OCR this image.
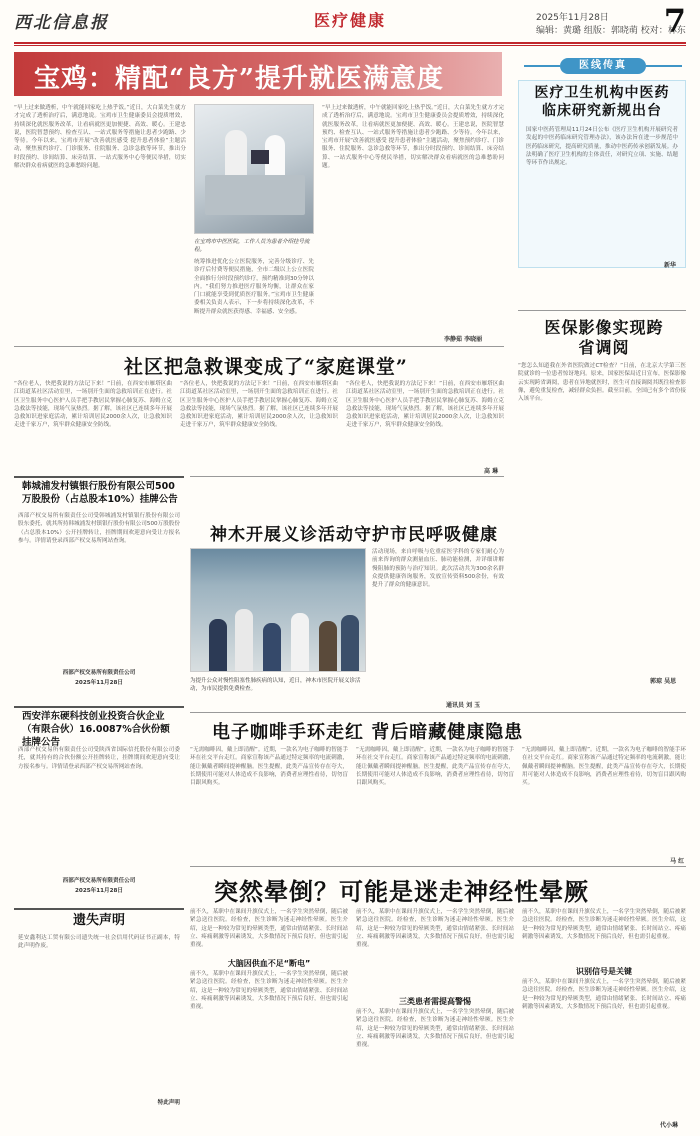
西北信息报	医疗健康	2025年11月28日
编辑：黄璐 组版：郭晓萌 校对：林东
7
宝鸡：精配“良方”提升就医满意度
“早上过来做透析，中午就能回家吃上热乎饭。”近日，大白菜先生就方才完成了透析治疗后，满意地说。宝鸡市卫生健康委员会提质增效，持续深化就医服务改革，让看病就医更加便捷、高效、暖心。王建忠说，医院智慧预约、检查互认、一站式服务等措施让患者少跑路、少等待。今年以来，宝鸡市开展“改善就医感受 提升患者体验”主题活动，聚焦预约诊疗、门诊服务、住院服务、急诊急救等环节，推出分时段预约、诊间结算、床旁结算、一站式服务中心等便民举措，切实解决群众看病就医的急难愁盼问题。
在宝鸡市中医医院，工作人员为患者介绍挂号流程。
统筹推进优化公立医院服务，完善分级诊疗、先诊疗后付费等便民措施，全市二级以上公立医院全面推行分时段预约诊疗，预约精准到30分钟以内。“我们努力推进医疗服务均衡，让群众在家门口就能享受到优质医疗服务。”宝鸡市卫生健康委相关负责人表示，下一步将持续深化改革，不断提升群众就医获得感、幸福感、安全感。
“早上过来做透析，中午就能回家吃上热乎饭。”近日，大白菜先生就方才完成了透析治疗后，满意地说。宝鸡市卫生健康委员会提质增效，持续深化就医服务改革，让看病就医更加便捷、高效、暖心。王建忠说，医院智慧预约、检查互认、一站式服务等措施让患者少跑路、少等待。今年以来，宝鸡市开展“改善就医感受 提升患者体验”主题活动，聚焦预约诊疗、门诊服务、住院服务、急诊急救等环节，推出分时段预约、诊间结算、床旁结算、一站式服务中心等便民举措，切实解决群众看病就医的急难愁盼问题。
李静茹 李晓丽
医线传真
医疗卫生机构中医药临床研究新规出台
国家中医药管理局11月24日公布《医疗卫生机构开展研究者发起的中医药临床研究管理办法》，该办法旨在进一步规范中医药临床研究，提高研究质量，推动中医药传承创新发展。办法明确了医疗卫生机构的主体责任，对研究立项、实施、结题等环节作出规定。
新华
医保影像实现跨省调阅
“您怎么知道我在外省医院做过CT检查？”日前，在北京大学第三医院就诊的一位患者惊讶地问。原来，国家医保局近日宣布，医保影像云实现跨省调阅，患者在异地就医时，医生可直接调阅其既往检查影像，避免重复检查，减轻群众负担。截至目前，全国已有多个省份接入该平台。
郭琼 吴思
社区把急救课变成了“家庭课堂”
“各位老人，快把我说的方法记下来！”日前，在西安市雁塔区曲江街道某社区活动室里，一场别开生面的急救培训正在进行。社区卫生服务中心医护人员手把手教居民掌握心肺复苏、海姆立克急救法等技能，现场气氛热烈。据了解，该社区已连续多年开展急救知识进家庭活动，累计培训居民2000余人次，让急救知识走进千家万户，筑牢群众健康安全防线。
“各位老人，快把我说的方法记下来！”日前，在西安市雁塔区曲江街道某社区活动室里，一场别开生面的急救培训正在进行。社区卫生服务中心医护人员手把手教居民掌握心肺复苏、海姆立克急救法等技能，现场气氛热烈。据了解，该社区已连续多年开展急救知识进家庭活动，累计培训居民2000余人次，让急救知识走进千家万户，筑牢群众健康安全防线。
“各位老人，快把我说的方法记下来！”日前，在西安市雁塔区曲江街道某社区活动室里，一场别开生面的急救培训正在进行。社区卫生服务中心医护人员手把手教居民掌握心肺复苏、海姆立克急救法等技能，现场气氛热烈。据了解，该社区已连续多年开展急救知识进家庭活动，累计培训居民2000余人次，让急救知识走进千家万户，筑牢群众健康安全防线。
高 琳
韩城浦发村镇银行股份有限公司500万股股份（占总股本10%）挂牌公告
西部产权交易所有限责任公司受韩城浦发村镇银行股份有限公司股东委托，就其所持韩城浦发村镇银行股份有限公司500万股股份（占总股本10%）公开挂牌转让，挂牌期间欢迎意向受让方报名参与。详情请登录西部产权交易所网站查询。
西部产权交易所有限责任公司
2025年11月28日
神木开展义诊活动守护市民呼吸健康
为提升公众对慢性阻塞性肺疾病的认知，近日，神木市医院开展义诊活动，为市民提供免费检查。
活动现场，来自呼吸与危重症医学科的专家们耐心为前来咨询的群众测量血压、肺功能检测，并详细讲解慢阻肺的预防与治疗知识。此次活动共为300余名群众提供健康咨询服务，发放宣传资料500余份，有效提升了群众的健康意识。
通讯员 刘 玉
西安洋东硬科技创业投资合伙企业（有限合伙）16.0087%合伙份额挂牌公告
西部产权交易所有限责任公司受陕西省国际信托股份有限公司委托，就其持有的合伙份额公开挂牌转让，挂牌期间欢迎意向受让方报名参与。详情请登录西部产权交易所网站查询。
西部产权交易所有限责任公司
2025年11月28日
电子咖啡手环走红 背后暗藏健康隐患
“无需咖啡因，戴上即清醒”。近期，一款名为电子咖啡的智能手环在社交平台走红。商家宣称该产品通过特定频率的电流刺激，能让佩戴者瞬间提神醒脑。医生提醒，此类产品宣传存在夸大，长期使用可能对人体造成不良影响，消费者应理性看待，切勿盲目跟风购买。
“无需咖啡因，戴上即清醒”。近期，一款名为电子咖啡的智能手环在社交平台走红。商家宣称该产品通过特定频率的电流刺激，能让佩戴者瞬间提神醒脑。医生提醒，此类产品宣传存在夸大，长期使用可能对人体造成不良影响，消费者应理性看待，切勿盲目跟风购买。
“无需咖啡因，戴上即清醒”。近期，一款名为电子咖啡的智能手环在社交平台走红。商家宣称该产品通过特定频率的电流刺激，能让佩戴者瞬间提神醒脑。医生提醒，此类产品宣传存在夸大，长期使用可能对人体造成不良影响，消费者应理性看待，切勿盲目跟风购买。
马 红
突然晕倒？可能是迷走神经性晕厥
前不久，某职中在课间升旗仪式上，一名学生突然晕倒，随后被紧急送往医院。经检查，医生诊断为迷走神经性晕厥。医生介绍，这是一种较为常见的晕厥类型，通常由情绪紧张、长时间站立、疼痛刺激等因素诱发，大多数情况下预后良好，但也需引起重视。
大脑因供血不足“断电”
前不久，某职中在课间升旗仪式上，一名学生突然晕倒，随后被紧急送往医院。经检查，医生诊断为迷走神经性晕厥。医生介绍，这是一种较为常见的晕厥类型，通常由情绪紧张、长时间站立、疼痛刺激等因素诱发，大多数情况下预后良好，但也需引起重视。
前不久，某职中在课间升旗仪式上，一名学生突然晕倒，随后被紧急送往医院。经检查，医生诊断为迷走神经性晕厥。医生介绍，这是一种较为常见的晕厥类型，通常由情绪紧张、长时间站立、疼痛刺激等因素诱发，大多数情况下预后良好，但也需引起重视。
三类患者需提高警惕
前不久，某职中在课间升旗仪式上，一名学生突然晕倒，随后被紧急送往医院。经检查，医生诊断为迷走神经性晕厥。医生介绍，这是一种较为常见的晕厥类型，通常由情绪紧张、长时间站立、疼痛刺激等因素诱发，大多数情况下预后良好，但也需引起重视。
前不久，某职中在课间升旗仪式上，一名学生突然晕倒，随后被紧急送往医院。经检查，医生诊断为迷走神经性晕厥。医生介绍，这是一种较为常见的晕厥类型，通常由情绪紧张、长时间站立、疼痛刺激等因素诱发，大多数情况下预后良好，但也需引起重视。
识别信号是关键
前不久，某职中在课间升旗仪式上，一名学生突然晕倒，随后被紧急送往医院。经检查，医生诊断为迷走神经性晕厥。医生介绍，这是一种较为常见的晕厥类型，通常由情绪紧张、长时间站立、疼痛刺激等因素诱发，大多数情况下预后良好，但也需引起重视。
代小琳
遗失声明
延安鑫利达工贸有限公司遗失统一社会信用代码证书正副本，特此声明作废。
特此声明
